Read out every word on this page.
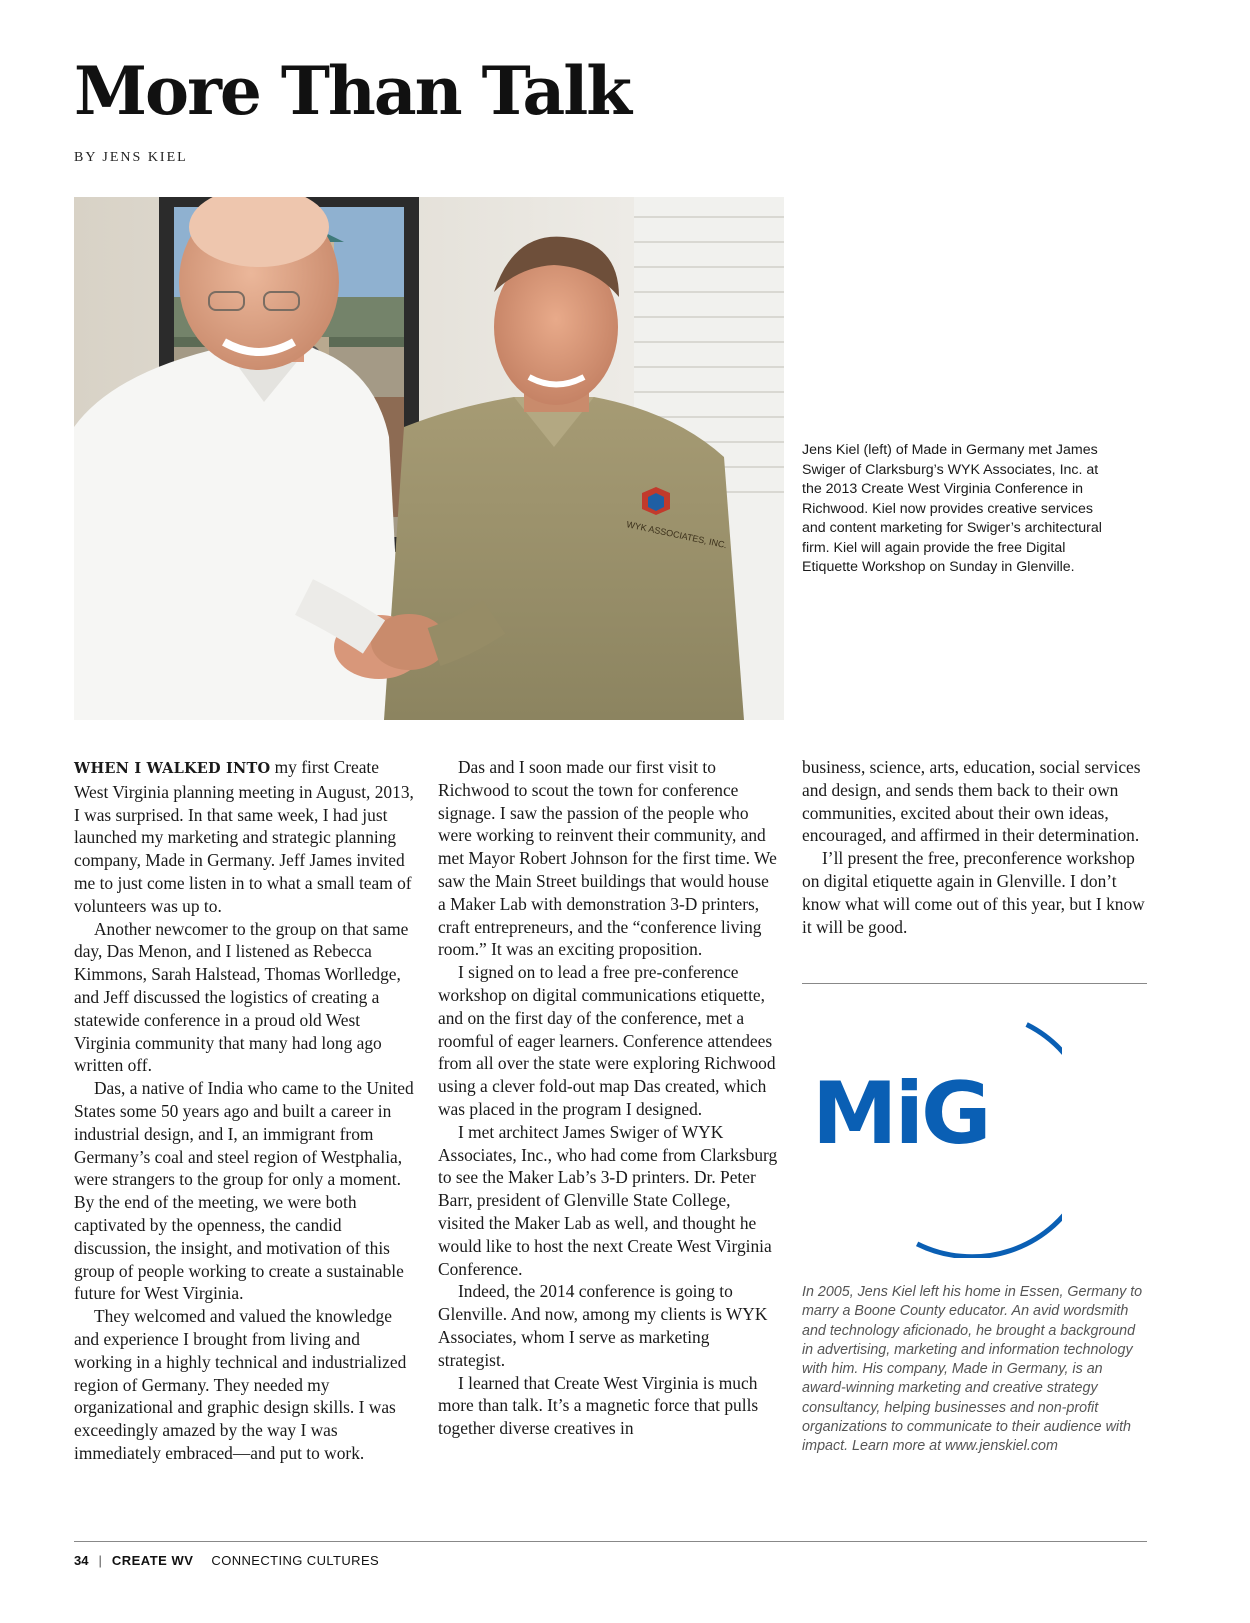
More Than Talk
BY JENS KIEL
WYK ASSOCIATES, INC.
Jens Kiel (left) of Made in Germany met James Swiger of Clarksburg’s WYK Associates, Inc. at the 2013 Create West Virginia Conference in Richwood. Kiel now provides creative services and content marketing for Swiger’s architectural firm. Kiel will again provide the free Digital Etiquette Workshop on Sunday in Glenville.

WHEN I WALKED INTO my first Create West Virginia planning meeting in August, 2013, I was surprised. In that same week, I had just launched my marketing and strategic planning company, Made in Germany. Jeff James invited me to just come listen in to what a small team of volunteers was up to.

Another newcomer to the group on that same day, Das Menon, and I listened as Rebecca Kimmons, Sarah Halstead, Thomas Worlledge, and Jeff discussed the logistics of creating a statewide conference in a proud old West Virginia community that many had long ago written off.

Das, a native of India who came to the United States some 50 years ago and built a career in industrial design, and I, an immigrant from Germany’s coal and steel region of Westphalia, were strangers to the group for only a moment. By the end of the meeting, we were both captivated by the openness, the candid discussion, the insight, and motivation of this group of people working to create a sustainable future for West Virginia.

They welcomed and valued the knowledge and experience I brought from living and working in a highly technical and industrialized region of Germany. They needed my organizational and graphic design skills. I was exceedingly amazed by the way I was immediately embraced—and put to work.

Das and I soon made our first visit to Richwood to scout the town for conference signage. I saw the passion of the people who were working to reinvent their community, and met Mayor Robert Johnson for the first time. We saw the Main Street buildings that would house a Maker Lab with demonstration 3-D printers, craft entrepreneurs, and the “conference living room.” It was an exciting proposition.

I signed on to lead a free pre-conference workshop on digital communications etiquette, and on the first day of the conference, met a roomful of eager learners. Conference attendees from all over the state were exploring Richwood using a clever fold-out map Das created, which was placed in the program I designed.

I met architect James Swiger of WYK Associates, Inc., who had come from Clarksburg to see the Maker Lab’s 3-D printers. Dr. Peter Barr, president of Glenville State College, visited the Maker Lab as well, and thought he would like to host the next Create West Virginia Conference.

Indeed, the 2014 conference is going to Glenville. And now, among my clients is WYK Associates, whom I serve as marketing strategist.

I learned that Create West Virginia is much more than talk. It’s a magnetic force that pulls together diverse creatives in

business, science, arts, education, social services and design, and sends them back to their own communities, excited about their own ideas, encouraged, and affirmed in their determination.

I’ll present the free, preconference workshop on digital etiquette again in Glenville. I don’t know what will come out of this year, but I know it will be good.

MiG
In 2005, Jens Kiel left his home in Essen, Germany to marry a Boone County educator. An avid wordsmith and technology aficionado, he brought a background in advertising, marketing and information technology with him. His company, Made in Germany, is an award-winning marketing and creative strategy consultancy, helping businesses and non-profit organizations to communicate to their audience with impact. Learn more at www.jenskiel.com
34 | CREATE WV CONNECTING CULTURES
